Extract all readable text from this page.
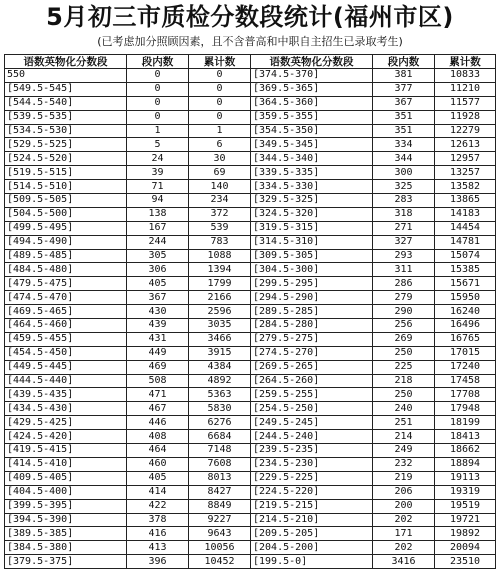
5月初三市质检分数段统计(福州市区)
(已考虑加分照顾因素，且不含普高和中职自主招生已录取考生)
语数英物化分数段	段内数	累计数	语数英物化分数段	段内数	累计数
550	0	0	[374.5-370]	381	10833
[549.5-545]	0	0	[369.5-365]	377	11210
[544.5-540]	0	0	[364.5-360]	367	11577
[539.5-535]	0	0	[359.5-355]	351	11928
[534.5-530]	1	1	[354.5-350]	351	12279
[529.5-525]	5	6	[349.5-345]	334	12613
[524.5-520]	24	30	[344.5-340]	344	12957
[519.5-515]	39	69	[339.5-335]	300	13257
[514.5-510]	71	140	[334.5-330]	325	13582
[509.5-505]	94	234	[329.5-325]	283	13865
[504.5-500]	138	372	[324.5-320]	318	14183
[499.5-495]	167	539	[319.5-315]	271	14454
[494.5-490]	244	783	[314.5-310]	327	14781
[489.5-485]	305	1088	[309.5-305]	293	15074
[484.5-480]	306	1394	[304.5-300]	311	15385
[479.5-475]	405	1799	[299.5-295]	286	15671
[474.5-470]	367	2166	[294.5-290]	279	15950
[469.5-465]	430	2596	[289.5-285]	290	16240
[464.5-460]	439	3035	[284.5-280]	256	16496
[459.5-455]	431	3466	[279.5-275]	269	16765
[454.5-450]	449	3915	[274.5-270]	250	17015
[449.5-445]	469	4384	[269.5-265]	225	17240
[444.5-440]	508	4892	[264.5-260]	218	17458
[439.5-435]	471	5363	[259.5-255]	250	17708
[434.5-430]	467	5830	[254.5-250]	240	17948
[429.5-425]	446	6276	[249.5-245]	251	18199
[424.5-420]	408	6684	[244.5-240]	214	18413
[419.5-415]	464	7148	[239.5-235]	249	18662
[414.5-410]	460	7608	[234.5-230]	232	18894
[409.5-405]	405	8013	[229.5-225]	219	19113
[404.5-400]	414	8427	[224.5-220]	206	19319
[399.5-395]	422	8849	[219.5-215]	200	19519
[394.5-390]	378	9227	[214.5-210]	202	19721
[389.5-385]	416	9643	[209.5-205]	171	19892
[384.5-380]	413	10056	[204.5-200]	202	20094
[379.5-375]	396	10452	[199.5-0]	3416	23510
